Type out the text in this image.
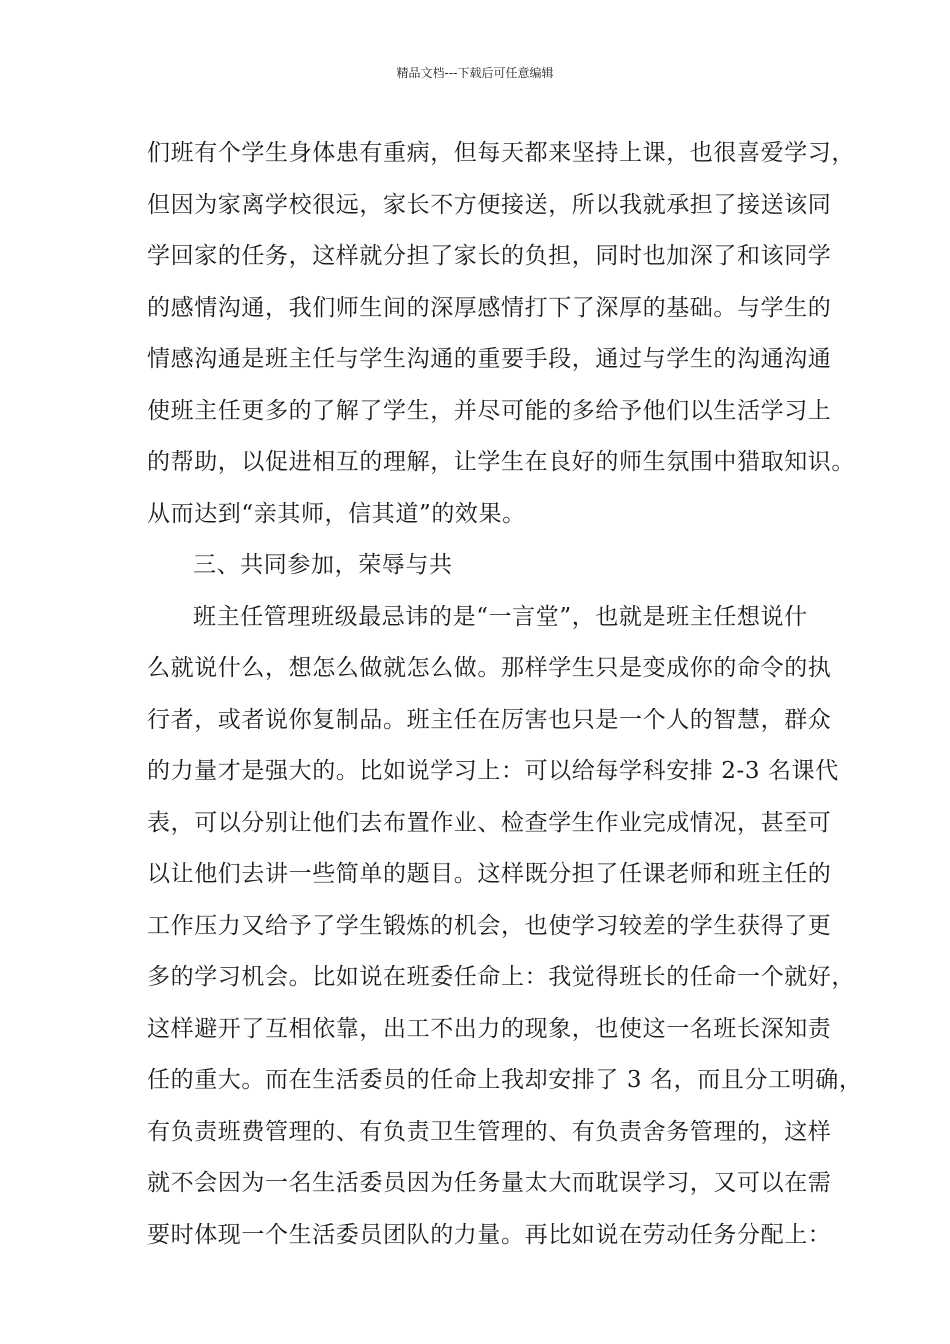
精品文档---下载后可任意编辑
们班有个学生身体患有重病，但每天都来坚持上课，也很喜爱学习，
但因为家离学校很远，家长不方便接送，所以我就承担了接送该同
学回家的任务，这样就分担了家长的负担，同时也加深了和该同学
的感情沟通，我们师生间的深厚感情打下了深厚的基础。与学生的
情感沟通是班主任与学生沟通的重要手段，通过与学生的沟通沟通
使班主任更多的了解了学生，并尽可能的多给予他们以生活学习上
的帮助，以促进相互的理解，让学生在良好的师生氛围中猎取知识。
从而达到“亲其师，信其道”的效果。
三、共同参加，荣辱与共
班主任管理班级最忌讳的是“一言堂”，也就是班主任想说什
么就说什么，想怎么做就怎么做。那样学生只是变成你的命令的执
行者，或者说你复制品。班主任在厉害也只是一个人的智慧，群众
的力量才是强大的。比如说学习上：可以给每学科安排 2-3 名课代
表，可以分别让他们去布置作业、检查学生作业完成情况，甚至可
以让他们去讲一些简单的题目。这样既分担了任课老师和班主任的
工作压力又给予了学生锻炼的机会，也使学习较差的学生获得了更
多的学习机会。比如说在班委任命上：我觉得班长的任命一个就好，
这样避开了互相依靠，出工不出力的现象，也使这一名班长深知责
任的重大。而在生活委员的任命上我却安排了 3 名，而且分工明确，
有负责班费管理的、有负责卫生管理的、有负责舍务管理的，这样
就不会因为一名生活委员因为任务量太大而耽误学习，又可以在需
要时体现一个生活委员团队的力量。再比如说在劳动任务分配上：
